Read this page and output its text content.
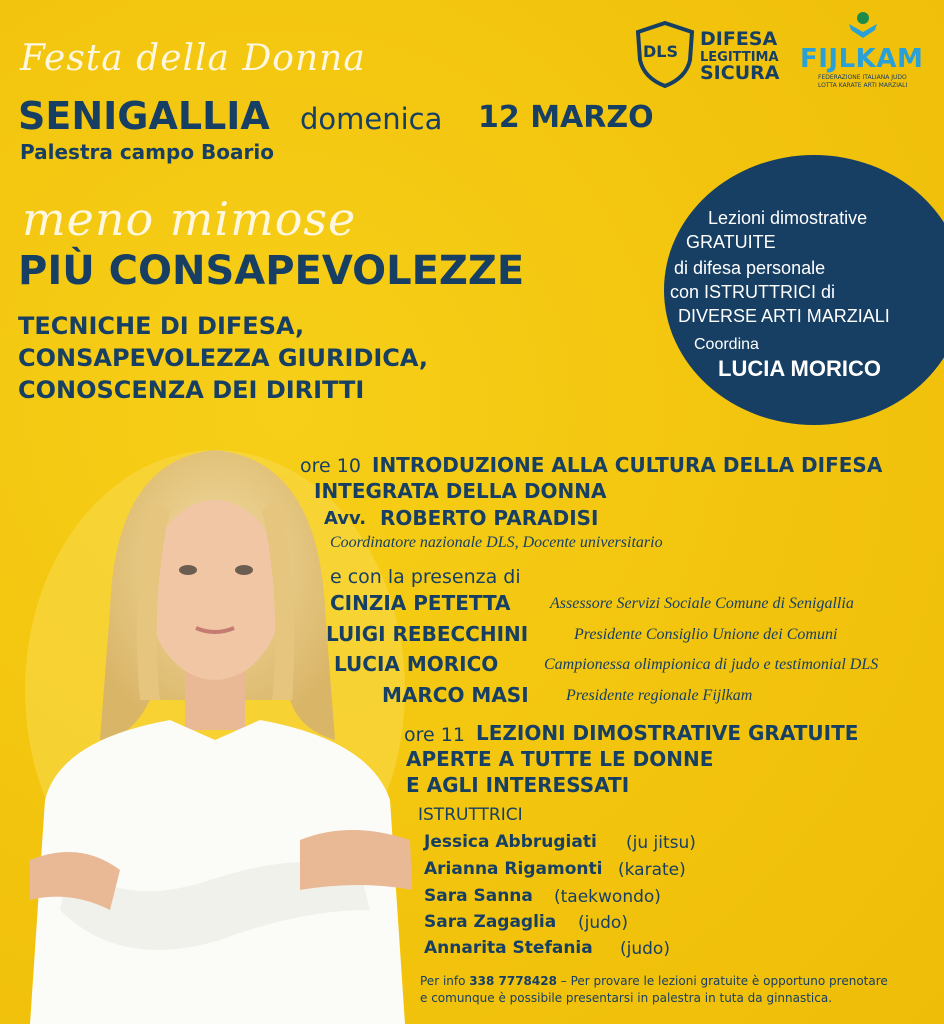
Festa della Donna
SENIGALLIA domenica 12 MARZO
Palestra campo Boario
DLS
DIFESA
LEGITTIMA
SICURA FIJLKAM
FEDERAZIONE ITALIANA JUDO
LOTTA KARATE ARTI MARZIALI
meno mimose
PIÙ CONSAPEVOLEZZE
TECNICHE DI DIFESA,
CONSAPEVOLEZZA GIURIDICA,
CONOSCENZA DEI DIRITTI
Lezioni dimostrative
GRATUITE
di difesa personale
con ISTRUTTRICI di
DIVERSE ARTI MARZIALI
Coordina
LUCIA MORICO
ore 10 INTRODUZIONE ALLA CULTURA DELLA DIFESA
INTEGRATA DELLA DONNA
Avv. ROBERTO PARADISI
Coordinatore nazionale DLS, Docente universitario
e con la presenza di
CINZIA PETETTA Assessore Servizi Sociale Comune di Senigallia
LUIGI REBECCHINI	Presidente Consiglio Unione dei Comuni
LUCIA MORICO	Campionessa olimpionica di judo e testimonial DLS
MARCO MASI Presidente regionale Fijlkam
ore 11 LEZIONI DIMOSTRATIVE GRATUITE
APERTE A TUTTE LE DONNE
E AGLI INTERESSATI
ISTRUTTRICI
Jessica Abbrugiati (ju jitsu)
Arianna Rigamonti (karate)
Sara Sanna (taekwondo)
Sara Zagaglia (judo)
Annarita Stefania (judo)
Per info 338 7778428 – Per provare le lezioni gratuite è opportuno prenotare
e comunque è possibile presentarsi in palestra in tuta da ginnastica.
